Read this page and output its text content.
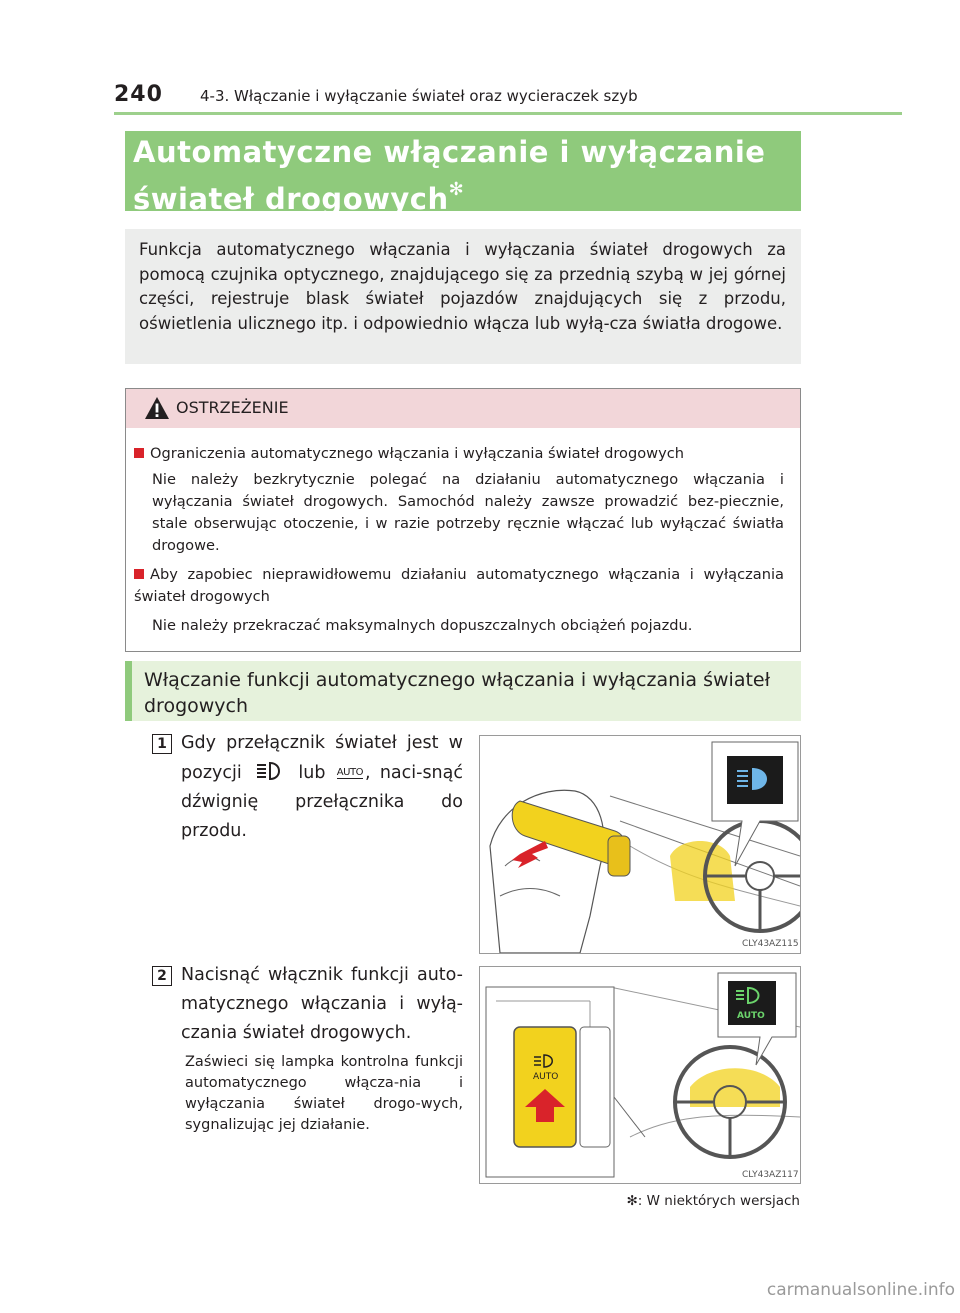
240 4-3. Włączanie i wyłączanie świateł oraz wycieraczek szyb
Automatyczne włączanie i wyłączanie
świateł drogowych✻
Funkcja automatycznego włączania i wyłączania świateł drogowych za pomocą czujnika optycznego, znajdującego się za przednią szybą w jej górnej części, rejestruje blask świateł pojazdów znajdujących się z przodu, oświetlenia ulicznego itp. i odpowiednio włącza lub wyłą-cza światła drogowe.
OSTRZEŻENIE
Ograniczenia automatycznego włączania i wyłączania świateł drogowych
Nie należy bezkrytycznie polegać na działaniu automatycznego włączania i wyłączania świateł drogowych. Samochód należy zawsze prowadzić bez-piecznie, stale obserwując otoczenie, i w razie potrzeby ręcznie włączać lub wyłączać światła drogowe.
Aby zapobiec nieprawidłowemu działaniu automatycznego włączania i wyłączania świateł drogowych
Nie należy przekraczać maksymalnych dopuszczalnych obciążeń pojazdu.
Włączanie funkcji automatycznego włączania i wyłączania świateł drogowych
1 Gdy przełącznik świateł jest w pozycji	lub AUTO , naci-snąć dźwignię przełącznika do przodu.
CLY43AZ115
2 Nacisnąć włącznik funkcji auto-matycznego włączania i wyłą-czania świateł drogowych.
Zaświeci się lampka kontrolna funkcji automatycznego włącza-nia i wyłączania świateł drogo-wych, sygnalizując jej działanie.
AUTO
AUTO
CLY43AZ117
✻: W niektórych wersjach
carmanualsonline.info
